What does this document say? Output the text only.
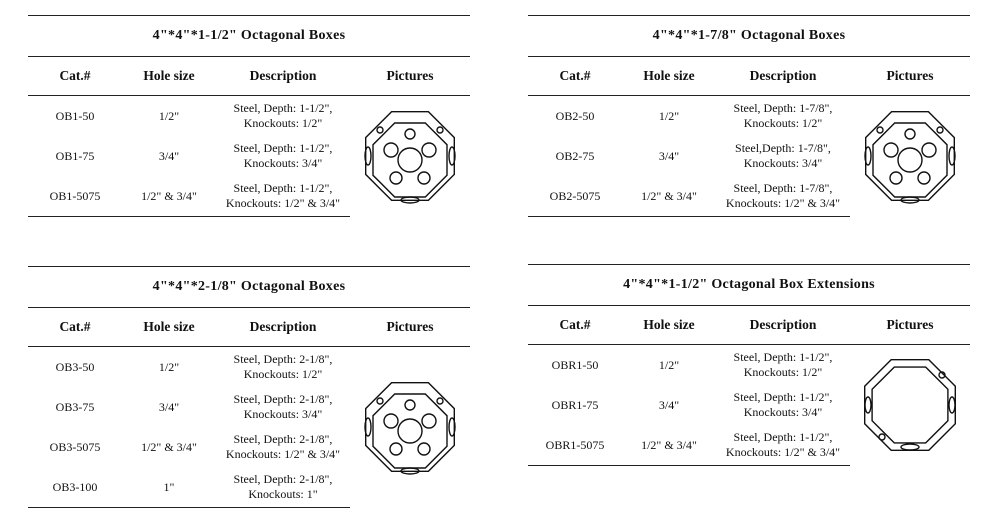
4"*4"*1-1/2" Octagonal Boxes			
Cat.#	Hole size	Description	Pictures
OB1-50	1/2"	Steel, Depth: 1-1/2",
Knockouts: 1/2"

OB1-75	3/4"	Steel, Depth: 1-1/2",
Knockouts: 3/4"	

OB1-5075	1/2" & 3/4"	Steel, Depth: 1-1/2",
Knockouts: 1/2" & 3/4"	
4"*4"*1-7/8" Octagonal Boxes			
Cat.#	Hole size	Description	Pictures
OB2-50	1/2"	Steel, Depth: 1-7/8",
Knockouts: 1/2"

OB2-75	3/4"	Steel,Depth: 1-7/8",
Knockouts: 3/4"	

OB2-5075	1/2" & 3/4"	Steel, Depth: 1-7/8",
Knockouts: 1/2" & 3/4"	
4"*4"*2-1/8" Octagonal Boxes			
Cat.#	Hole size	Description	Pictures
OB3-50	1/2"	Steel, Depth: 2-1/8",
Knockouts: 1/2"

OB3-75	3/4"	Steel, Depth: 2-1/8",
Knockouts: 3/4"	

OB3-5075	1/2" & 3/4"	Steel, Depth: 2-1/8",
Knockouts: 1/2" & 3/4"	

OB3-100	1"	Steel, Depth: 2-1/8",
Knockouts: 1"	
4"*4"*1-1/2" Octagonal Box Extensions			
Cat.#	Hole size	Description	Pictures
OBR1-50	1/2"	Steel, Depth: 1-1/2",
Knockouts: 1/2"

OBR1-75	3/4"	Steel, Depth: 1-1/2",
Knockouts: 3/4"	

OBR1-5075	1/2" & 3/4"	Steel, Depth: 1-1/2",
Knockouts: 1/2" & 3/4"	
